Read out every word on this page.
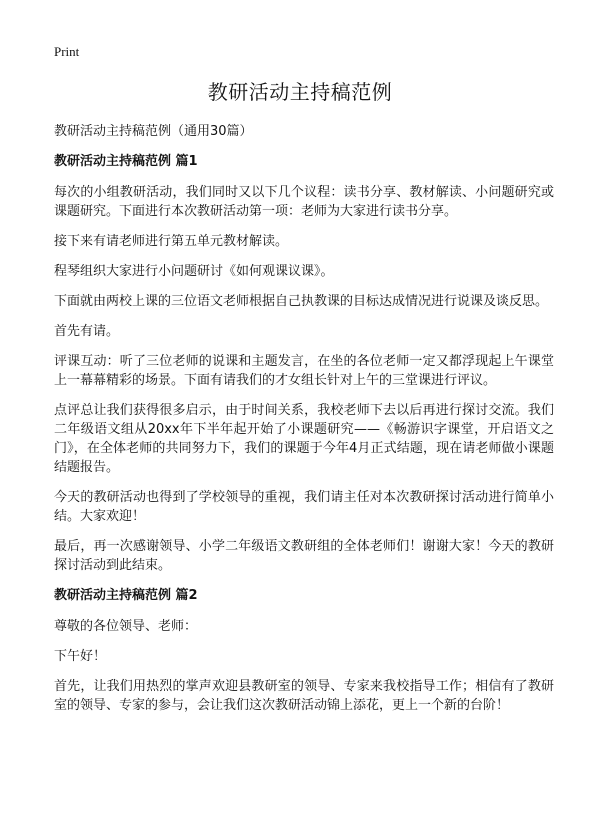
Print
教研活动主持稿范例

教研活动主持稿范例（通用30篇）

教研活动主持稿范例 篇1

每次的小组教研活动，我们同时又以下几个议程：读书分享、教材解读、小问题研究或课题研究。下面进行本次教研活动第一项：老师为大家进行读书分享。

接下来有请老师进行第五单元教材解读。

程琴组织大家进行小问题研讨《如何观课议课》。

下面就由两校上课的三位语文老师根据自己执教课的目标达成情况进行说课及谈反思。

首先有请。

评课互动：听了三位老师的说课和主题发言，在坐的各位老师一定又都浮现起上午课堂上一幕幕精彩的场景。下面有请我们的才女组长针对上午的三堂课进行评议。

点评总让我们获得很多启示，由于时间关系，我校老师下去以后再进行探讨交流。我们二年级语文组从20xx年下半年起开始了小课题研究——《畅游识字课堂，开启语文之门》，在全体老师的共同努力下，我们的课题于今年4月正式结题，现在请老师做小课题结题报告。

今天的教研活动也得到了学校领导的重视，我们请主任对本次教研探讨活动进行简单小结。大家欢迎！

最后，再一次感谢领导、小学二年级语文教研组的全体老师们！谢谢大家！今天的教研探讨活动到此结束。

教研活动主持稿范例 篇2

尊敬的各位领导、老师：

下午好！

首先，让我们用热烈的掌声欢迎县教研室的领导、专家来我校指导工作；相信有了教研室的领导、专家的参与，会让我们这次教研活动锦上添花，更上一个新的台阶！
